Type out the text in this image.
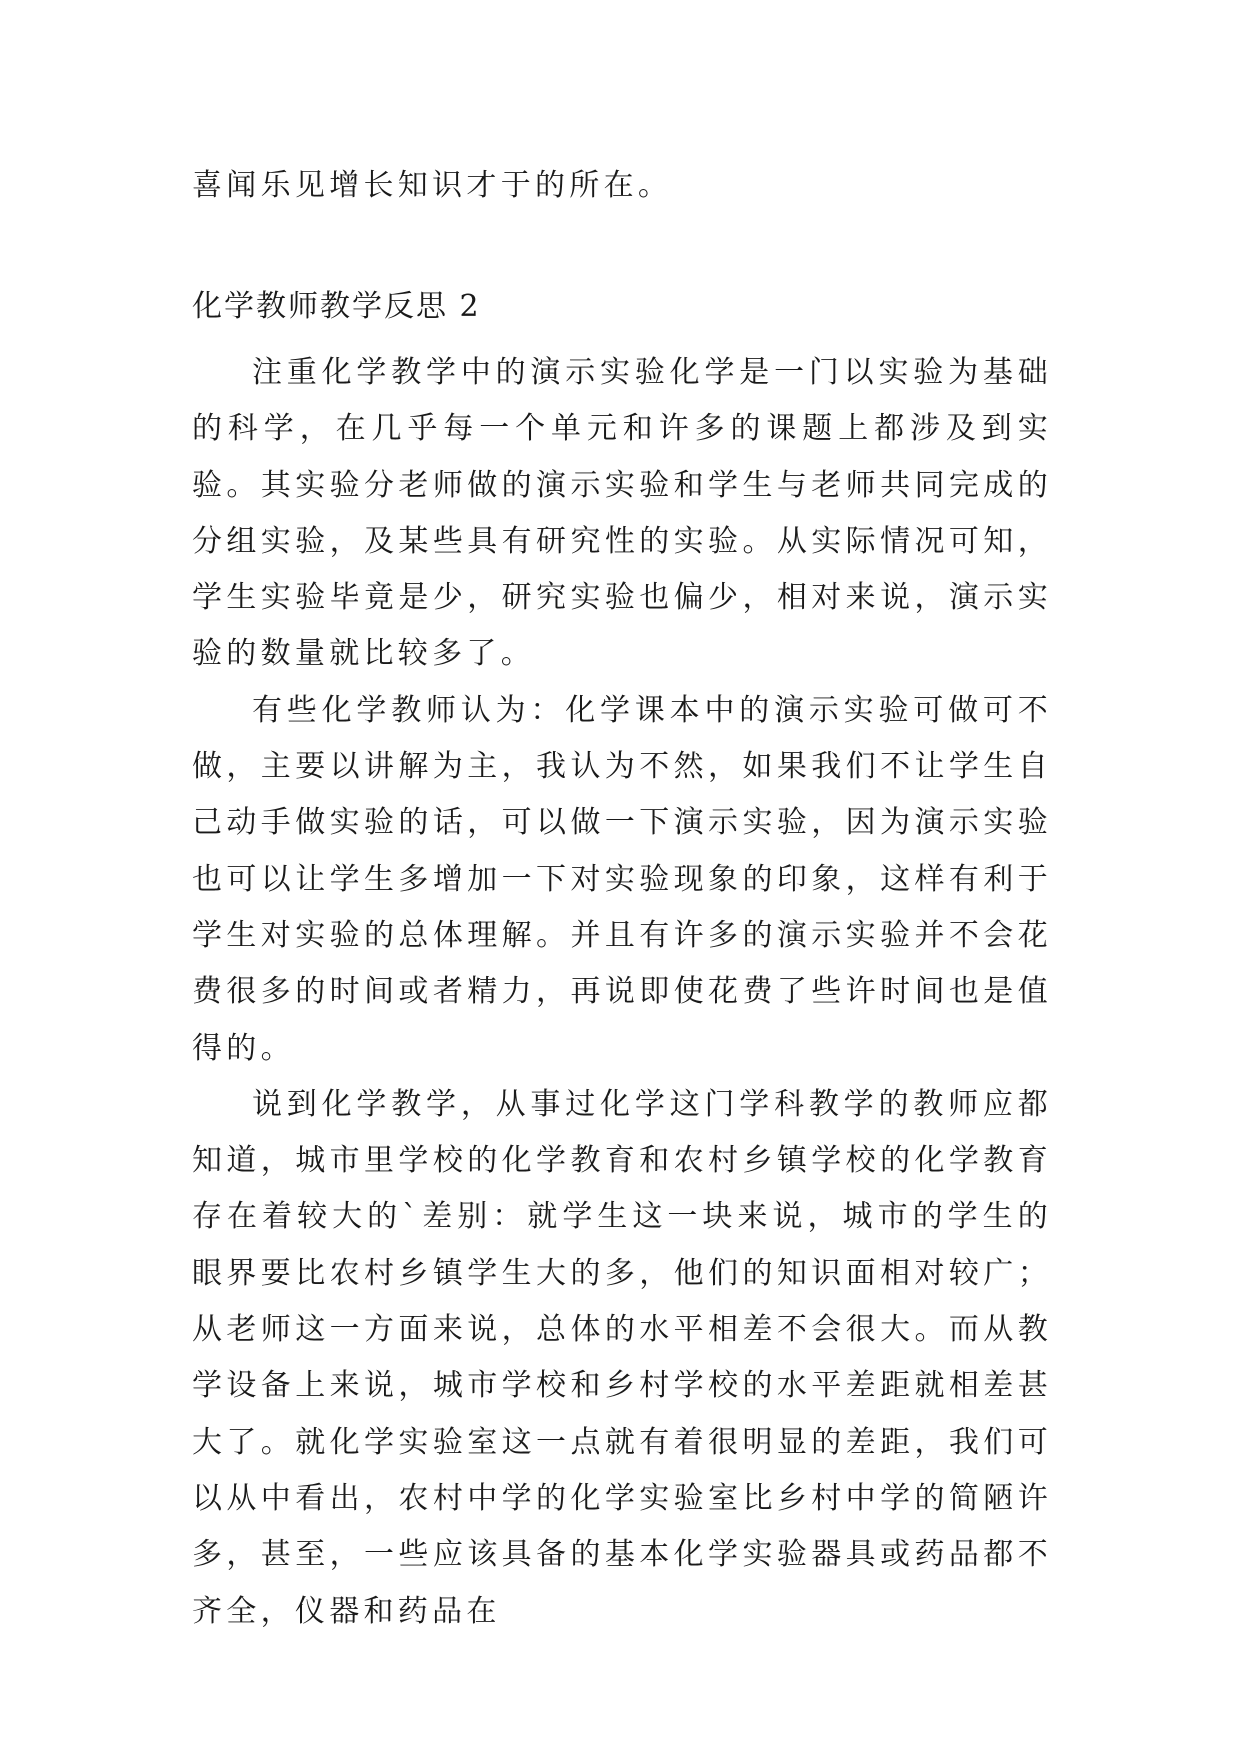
喜闻乐见增长知识才于的所在。
化学教师教学反思 2

注重化学教学中的演示实验化学是一门以实验为基础的科学，在几乎每一个单元和许多的课题上都涉及到实验。其实验分老师做的演示实验和学生与老师共同完成的分组实验，及某些具有研究性的实验。从实际情况可知，学生实验毕竟是少，研究实验也偏少，相对来说，演示实验的数量就比较多了。

有些化学教师认为：化学课本中的演示实验可做可不做，主要以讲解为主，我认为不然，如果我们不让学生自己动手做实验的话，可以做一下演示实验，因为演示实验也可以让学生多增加一下对实验现象的印象，这样有利于学生对实验的总体理解。并且有许多的演示实验并不会花费很多的时间或者精力，再说即使花费了些许时间也是值得的。

说到化学教学，从事过化学这门学科教学的教师应都知道，城市里学校的化学教育和农村乡镇学校的化学教育存在着较大的`差别：就学生这一块来说，城市的学生的眼界要比农村乡镇学生大的多，他们的知识面相对较广；从老师这一方面来说，总体的水平相差不会很大。而从教学设备上来说，城市学校和乡村学校的水平差距就相差甚大了。就化学实验室这一点就有着很明显的差距，我们可以从中看出，农村中学的化学实验室比乡村中学的简陋许多，甚至，一些应该具备的基本化学实验器具或药品都不齐全，仪器和药品在
